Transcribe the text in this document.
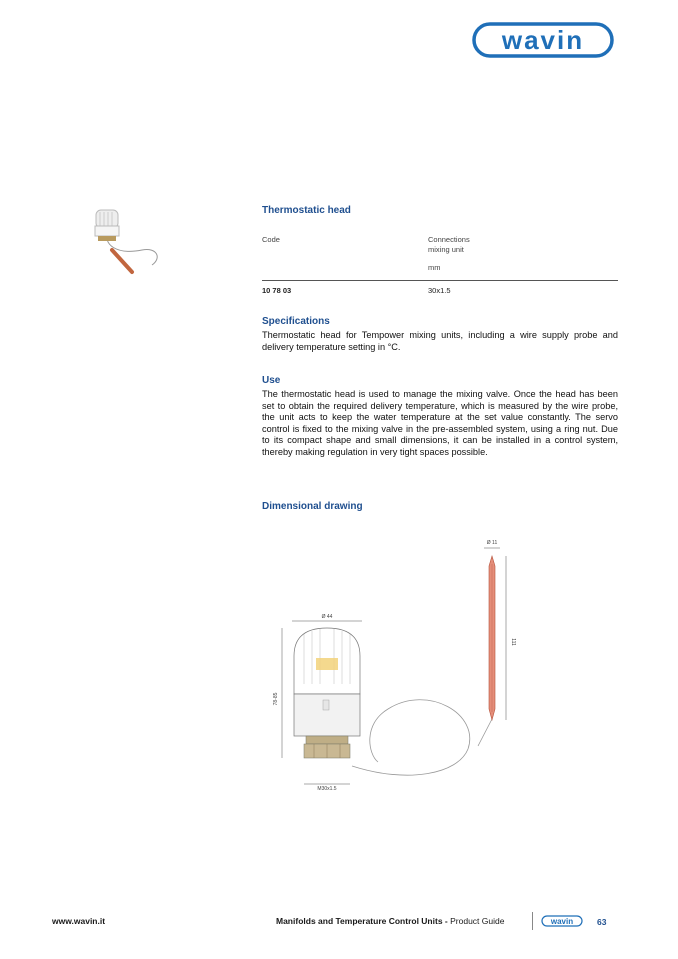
wavin
Thermostatic head
Code	Connections
mixing unit
mm
10 78 03	30x1.5
Specifications

Thermostatic head for Tempower mixing units, including a wire supply probe and delivery temperature setting in °C.

Use

The thermostatic head is used to manage the mixing valve. Once the head has been set to obtain the required delivery temperature, which is measured by the wire probe, the unit acts to keep the water temperature at the set value constantly. The servo control is fixed to the mixing valve in the pre-assembled system, using a ring nut. Due to its compact shape and small dimensions, it can be installed in a control system, thereby making regulation in very tight spaces possible.

Dimensional drawing
Ø 11
111
Ø 44
78-85
M30x1.5
www.wavin.it	Manifolds and Temperature Control Units - Product Guide	wavin	63
